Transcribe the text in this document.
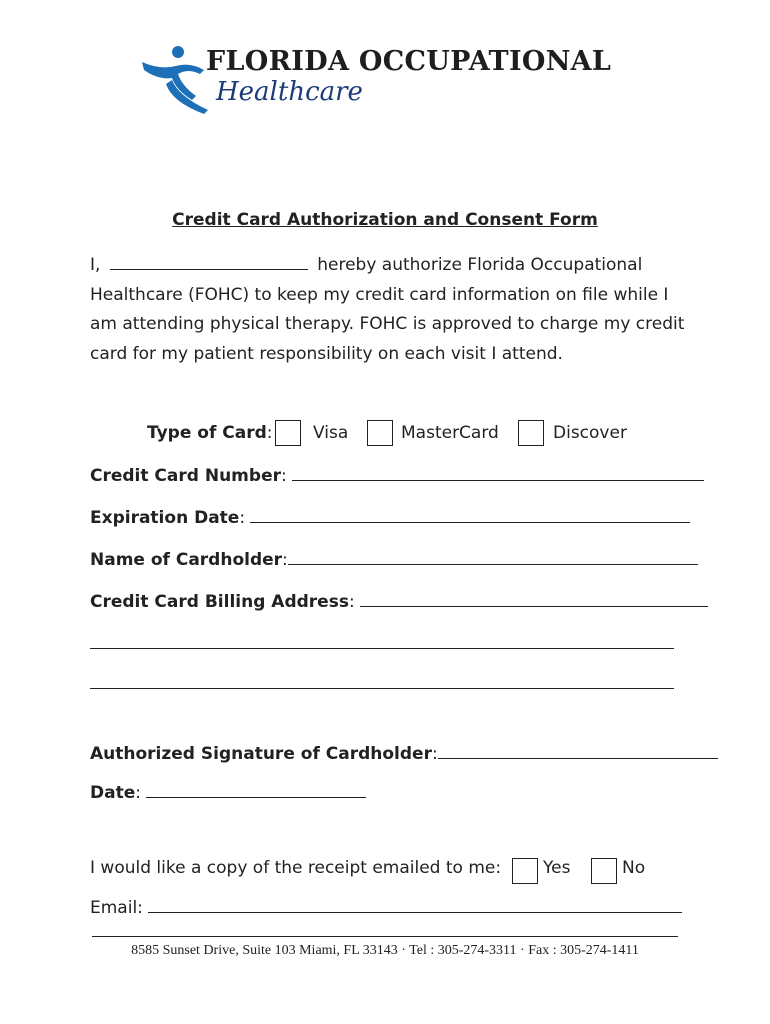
FLORIDA OCCUPATIONAL
Healthcare
Credit Card Authorization and Consent Form
I,	hereby authorize Florida Occupational Healthcare (FOHC) to keep my credit card information on file while I am attending physical therapy. FOHC is approved to charge my credit card for my patient responsibility on each visit I attend.
Type of Card: Visa	MasterCard	Discover
Credit Card Number:
Expiration Date:
Name of Cardholder:
Credit Card Billing Address:
Authorized Signature of Cardholder:
Date:
I would like a copy of the receipt emailed to me: Yes	No
Email:
8585 Sunset Drive, Suite 103 Miami, FL 33143 · Tel : 305-274-3311 · Fax : 305-274-1411
